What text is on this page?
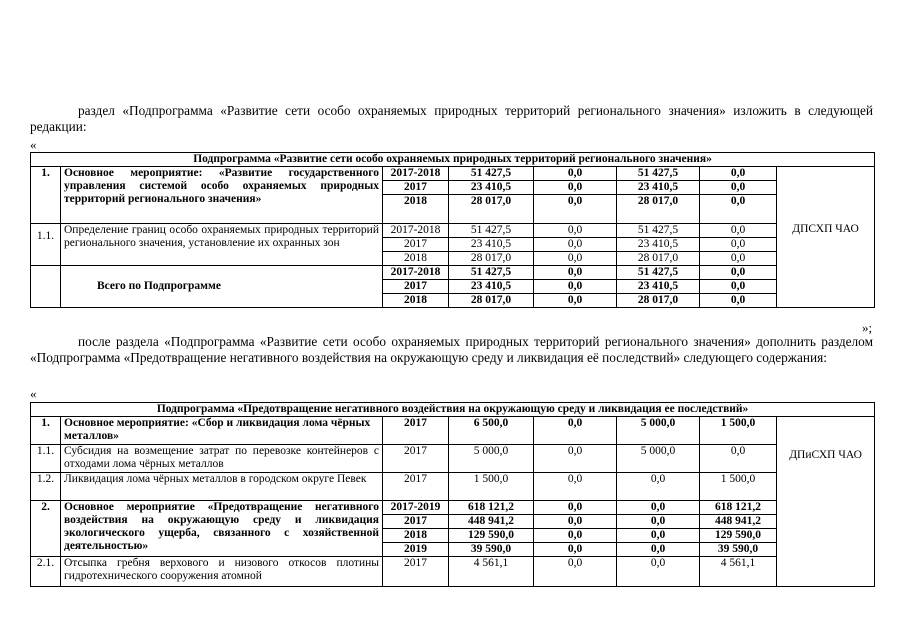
раздел «Подпрограмма «Развитие сети особо охраняемых природных территорий регионального значения» изложить в следующей редакции:
«
Подпрограмма «Развитие сети особо охраняемых природных территорий регионального значения»							
1.	Основное мероприятие: «Развитие государственного управления системой особо охраняемых природных территорий регионального значения»	2017-2018	51 427,5	0,0	51 427,5	0,0	ДПСХП ЧАО

		2017	23 410,5	0,0	23 410,5	0,0	
		2018	28 017,0	0,0	28 017,0	0,0	
1.1.	Определение границ особо охраняемых природных территорий регионального значения, установление их охранных зон	2017-2018	51 427,5	0,0	51 427,5	0,0	
		2017	23 410,5	0,0	23 410,5	0,0	
		2018	28 017,0	0,0	28 017,0	0,0	
	Всего по Подпрограмме	2017-2018	51 427,5	0,0	51 427,5	0,0	
		2017	23 410,5	0,0	23 410,5	0,0	
		2018	28 017,0	0,0	28 017,0	0,0	
»;
после раздела «Подпрограмма «Развитие сети особо охраняемых природных территорий регионального значения» дополнить разделом «Подпрограмма «Предотвращение негативного воздействия на окружающую среду и ликвидация её последствий» следующего содержания:
«
Подпрограмма «Предотвращение негативного воздействия на окружающую среду и ликвидация ее последствий»							
1.	Основное мероприятие: «Сбор и ликвидация лома чёрных металлов»	2017	6 500,0	0,0	5 000,0	1 500,0	ДПиСХП ЧАО

1.1.	Субсидия на возмещение затрат по перевозке контейнеров с отходами лома чёрных металлов	2017	5 000,0	0,0	5 000,0	0,0	
1.2.	Ликвидация лома чёрных металлов в городском округе Певек	2017	1 500,0	0,0	0,0	1 500,0	
2.	Основное мероприятие «Предотвращение негативного воздействия на окружающую среду и ликвидация экологического ущерба, связанного с хозяйственной деятельностью»	2017-2019	618 121,2	0,0	0,0	618 121,2	
		2017	448 941,2	0,0	0,0	448 941,2	
		2018	129 590,0	0,0	0,0	129 590,0	
		2019	39 590,0	0,0	0,0	39 590,0	
2.1.	Отсыпка гребня верхового и низового откосов плотины гидротехнического сооружения атомной	2017	4 561,1	0,0	0,0	4 561,1	
